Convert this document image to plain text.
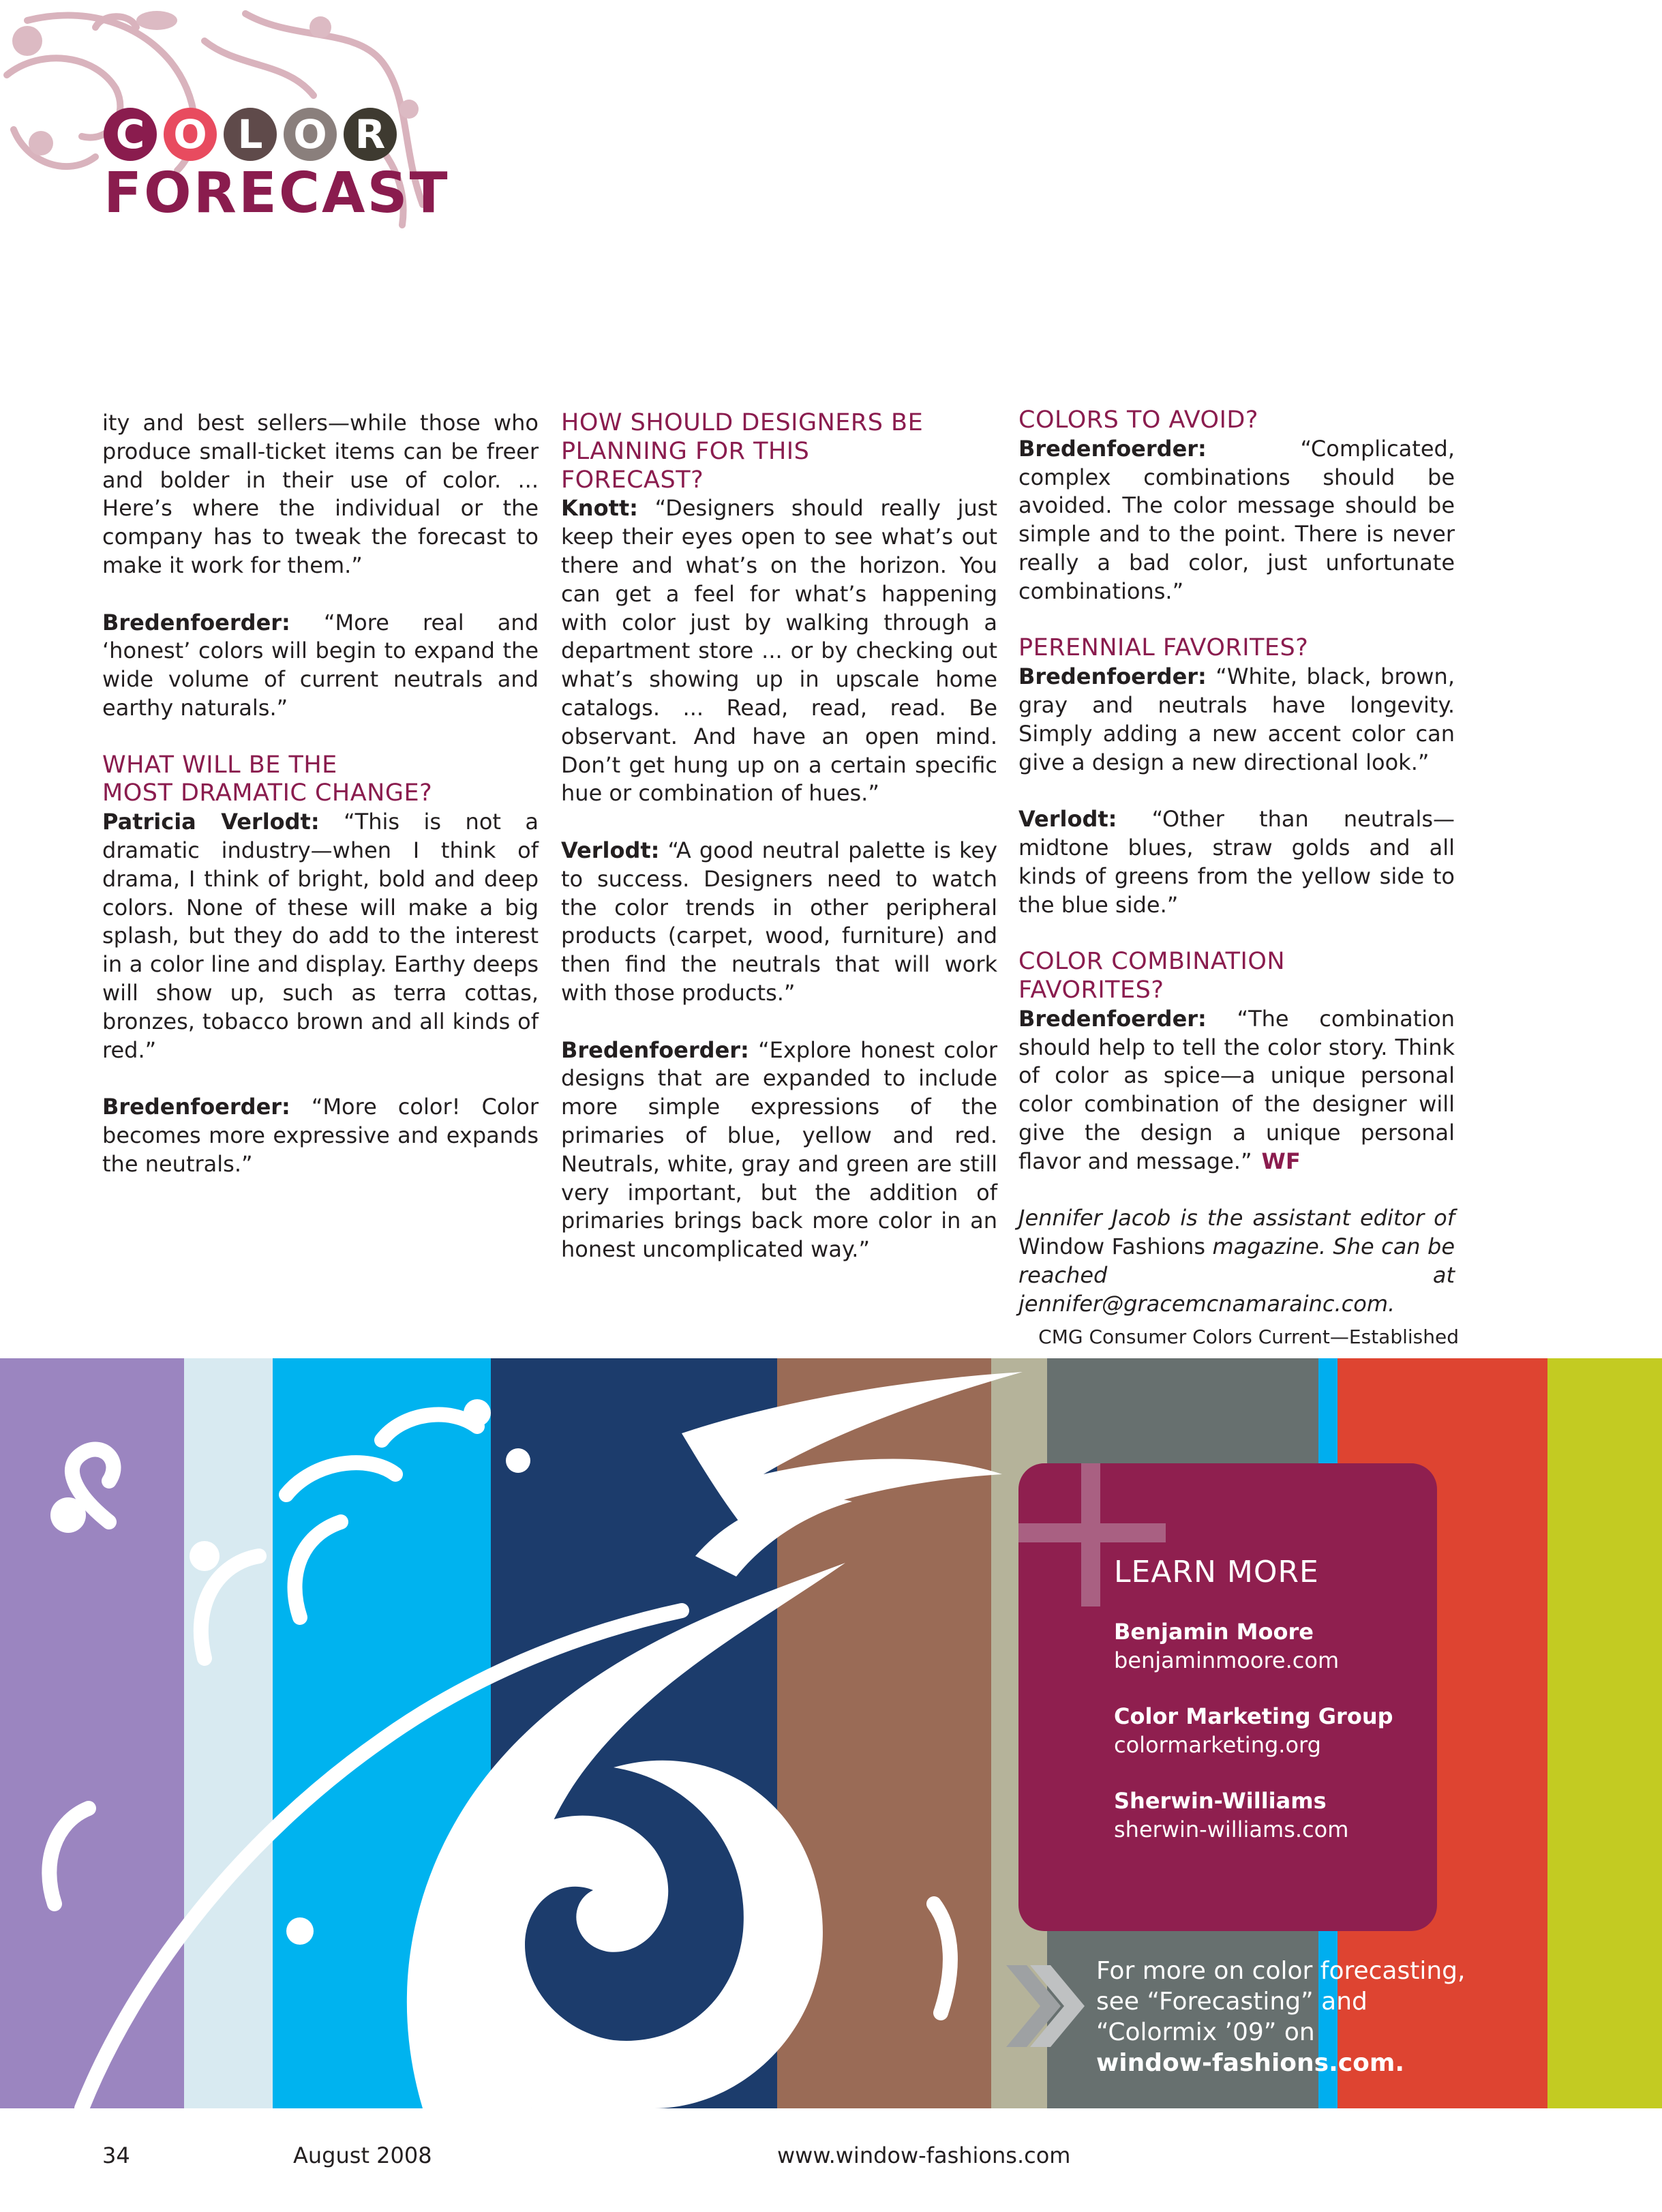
C O L O R
FORECAST

ity and best sellers—while those who produce small-ticket items can be freer and bolder in their use of color. ... Here’s where the individual or the company has to tweak the forecast to make it work for them.”

Bredenfoerder: “More real and ‘honest’ colors will begin to expand the wide volume of current neutrals and earthy naturals.”

WHAT WILL BE THE
MOST DRAMATIC CHANGE?

Patricia Verlodt: “This is not a dramatic industry—when I think of drama, I think of bright, bold and deep colors. None of these will make a big splash, but they do add to the interest in a color line and display. Earthy deeps will show up, such as terra cottas, bronzes, tobacco brown and all kinds of red.”

Bredenfoerder: “More color! Color becomes more expressive and expands the neutrals.”

HOW SHOULD DESIGNERS BE
PLANNING FOR THIS
FORECAST?

Knott: “Designers should really just keep their eyes open to see what’s out there and what’s on the horizon. You can get a feel for what’s happening with color just by walking through a department store ... or by checking out what’s showing up in upscale home catalogs. ... Read, read, read. Be observant. And have an open mind. Don’t get hung up on a certain specific hue or combination of hues.”

Verlodt: “A good neutral palette is key to success. Designers need to watch the color trends in other peripheral products (carpet, wood, furniture) and then find the neutrals that will work with those products.”

Bredenfoerder: “Explore honest color designs that are expanded to include more simple expressions of the primaries of blue, yellow and red. Neutrals, white, gray and green are still very important, but the addition of primaries brings back more color in an honest uncomplicated way.”

COLORS TO AVOID?

Bredenfoerder: “Complicated, complex combinations should be avoided. The color message should be simple and to the point. There is never really a bad color, just unfortunate combinations.”

PERENNIAL FAVORITES?

Bredenfoerder: “White, black, brown, gray and neutrals have longevity. Simply adding a new accent color can give a design a new directional look.”

Verlodt: “Other than neutrals—midtone blues, straw golds and all kinds of greens from the yellow side to the blue side.”

COLOR COMBINATION
FAVORITES?

Bredenfoerder: “The combination should help to tell the color story. Think of color as spice—a unique personal color combination of the designer will give the design a unique personal flavor and message.” WF

Jennifer Jacob is the assistant editor of Window Fashions magazine. She can be reached at jennifer@gracemcnamarainc.com.

CMG Consumer Colors Current—Established
LEARN MORE
Benjamin Moore
benjaminmoore.com
Color Marketing Group
colormarketing.org
Sherwin-Williams
sherwin-williams.com
For more on color forecasting,
see “Forecasting” and
“Colormix ’09” on
window-fashions.com.
34	August 2008	www.window-fashions.com
